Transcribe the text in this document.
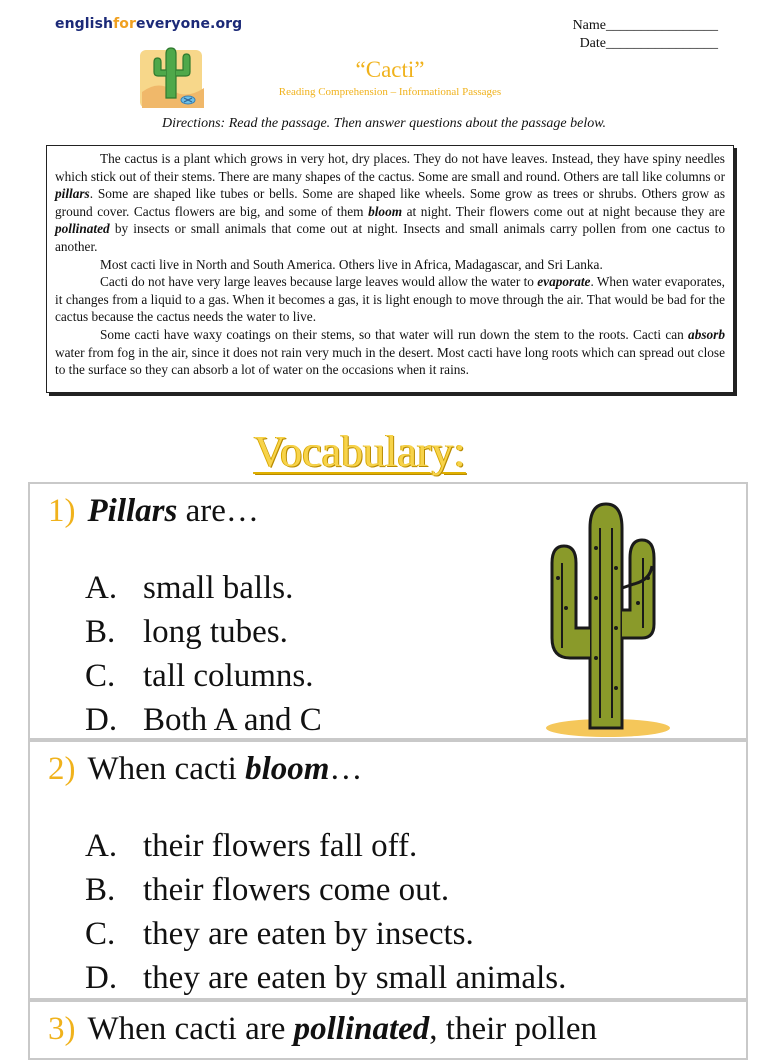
englishforeveryone.org	Name________________
Date________________
“Cacti”
Reading Comprehension – Informational Passages
Directions: Read the passage. Then answer questions about the passage below.

The cactus is a plant which grows in very hot, dry places. They do not have leaves. Instead, they have spiny needles which stick out of their stems. There are many shapes of the cactus. Some are small and round. Others are tall like columns or pillars. Some are shaped like tubes or bells. Some are shaped like wheels. Some grow as trees or shrubs. Others grow as ground cover. Cactus flowers are big, and some of them bloom at night. Their flowers come out at night because they are pollinated by insects or small animals that come out at night. Insects and small animals carry pollen from one cactus to another.

Most cacti live in North and South America. Others live in Africa, Madagascar, and Sri Lanka.

Cacti do not have very large leaves because large leaves would allow the water to evaporate. When water evaporates, it changes from a liquid to a gas. When it becomes a gas, it is light enough to move through the air. That would be bad for the cactus because the cactus needs the water to live.

Some cacti have waxy coatings on their stems, so that water will run down the stem to the roots. Cacti can absorb water from fog in the air, since it does not rain very much in the desert. Most cacti have long roots which can spread out close to the surface so they can absorb a lot of water on the occasions when it rains.

Vocabulary:
1) Pillars are…
A. small balls.
B. long tubes.
C. tall columns.
D. Both A and C
2) When cacti bloom…
A. their flowers fall off.
B. their flowers come out.
C. they are eaten by insects.
D. they are eaten by small animals.
3) When cacti are pollinated, their pollen
